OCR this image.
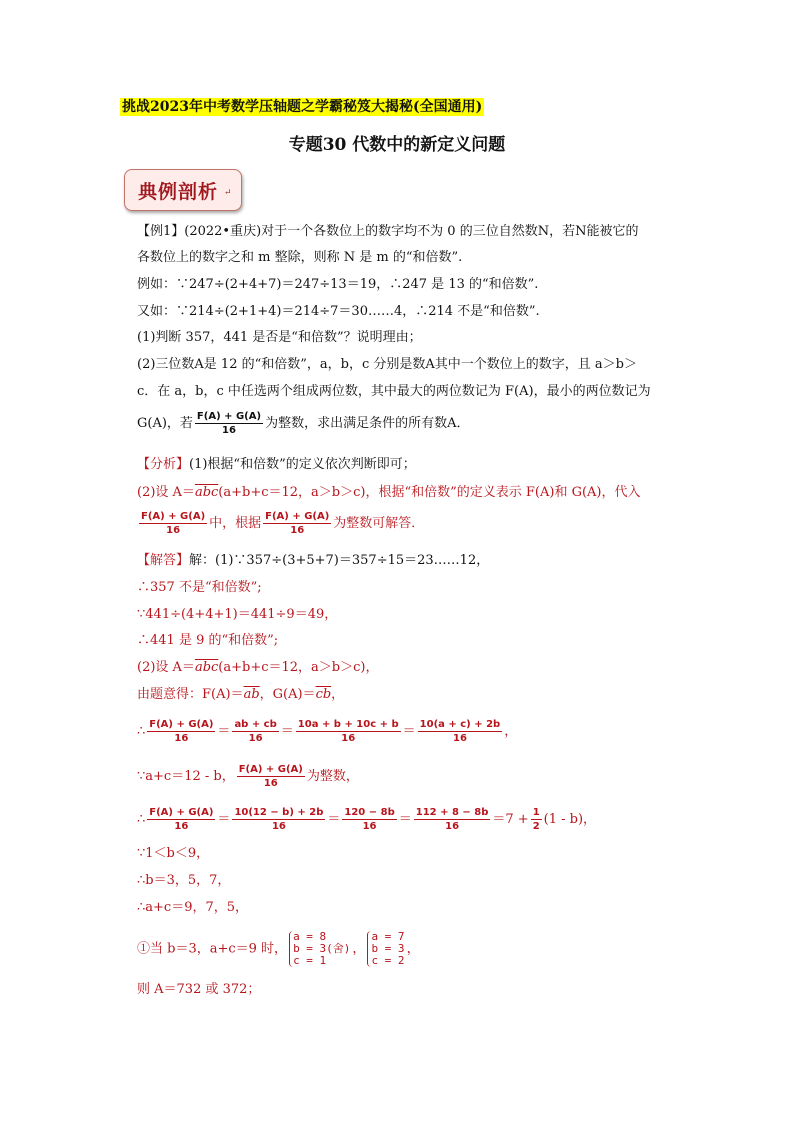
挑战2023年中考数学压轴题之学霸秘笈大揭秘(全国通用)
专题30 代数中的新定义问题
典例剖析 ↵
【例1】(2022•重庆)对于一个各数位上的数字均不为 0 的三位自然数N，若N能被它的
各数位上的数字之和 m 整除，则称 N 是 m 的“和倍数”.
例如：∵247÷(2+4+7)＝247÷13＝19，∴247 是 13 的“和倍数”.
又如：∵214÷(2+1+4)＝214÷7＝30……4，∴214 不是“和倍数”.
(1)判断 357，441 是否是“和倍数”？说明理由；
(2)三位数A是 12 的“和倍数”，a，b，c 分别是数A其中一个数位上的数字，且 a＞b＞
c．在 a，b，c 中任选两个组成两位数，其中最大的两位数记为 F(A)，最小的两位数记为
G(A)，若 $\frac{F(A) + G(A)}{16}$ 为整数，求出满足条件的所有数A．
【分析】(1)根据“和倍数”的定义依次判断即可；
(2)设 $A=\overline{abc}(a+b+c=12$，a＞b＞c)，根据“和倍数”的定义表示 F(A)和 G(A)，代入
$\frac{F(A) + G(A)}{16}$ 中，根据 $\frac{F(A) + G(A)}{16}$ 为整数可解答．
【解答】解：(1)∵357÷(3+5+7)＝357÷15＝23……12，
∴357 不是“和倍数”;
∵441÷(4+4+1)＝441÷9＝49，
∴441 是 9 的“和倍数”;
(2)设 $A=\overline{abc}(a+b+c=12$，a＞b＞c)，
由题意得：$F(A)=\overline{ab}$，$G(A)=\overline{cb}$，
∴ $\frac{F(A) + G(A)}{16} = \frac{ab + cb}{16} = \frac{10a + b + 10c + b}{16} = \frac{10(a + c) + 2b}{16}$ ，
∵a+c＝12 - b， $\frac{F(A) + G(A)}{16}$ 为整数，
∴ $\frac{F(A) + G(A)}{16} = \frac{10(12 - b) + 2b}{16} = \frac{120 - 8b}{16} = \frac{112 + 8 - 8b}{16} =7 + \frac{1}{2} (1 - b)$，
∵1＜b＜9，
∴b＝3，5，7，
∴a+c＝9，7，5，
①当 b＝3，a+c＝9 时，
a = 8
b = 3(舍)
c = 1
，
a = 7
b = 3
c = 2
，
则 A＝732 或 372；
